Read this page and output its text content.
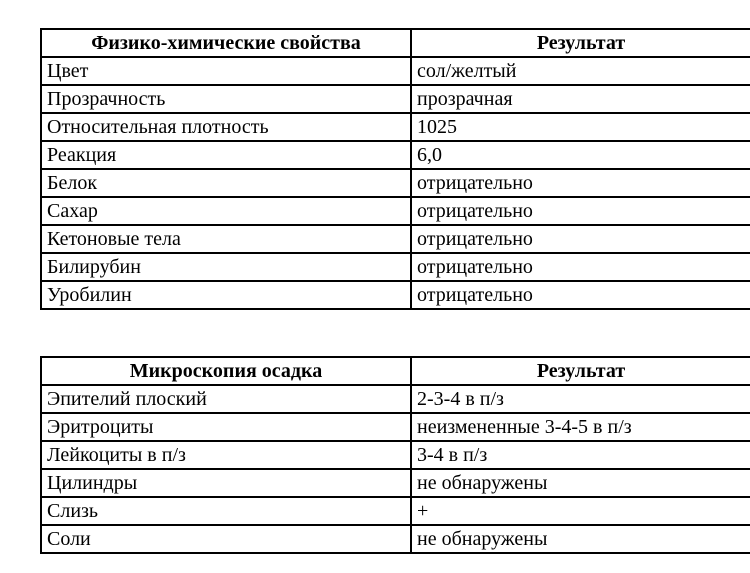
Физико-химические свойства	Результат
Цвет	сол/желтый
Прозрачность	прозрачная
Относительная плотность	1025
Реакция	6,0
Белок	отрицательно
Сахар	отрицательно
Кетоновые тела	отрицательно
Билирубин	отрицательно
Уробилин	отрицательно
Микроскопия осадка	Результат
Эпителий плоский	2-3-4 в п/з
Эритроциты	неизмененные 3-4-5 в п/з
Лейкоциты в п/з	3-4 в п/з
Цилиндры	не обнаружены
Слизь	+
Соли	не обнаружены
